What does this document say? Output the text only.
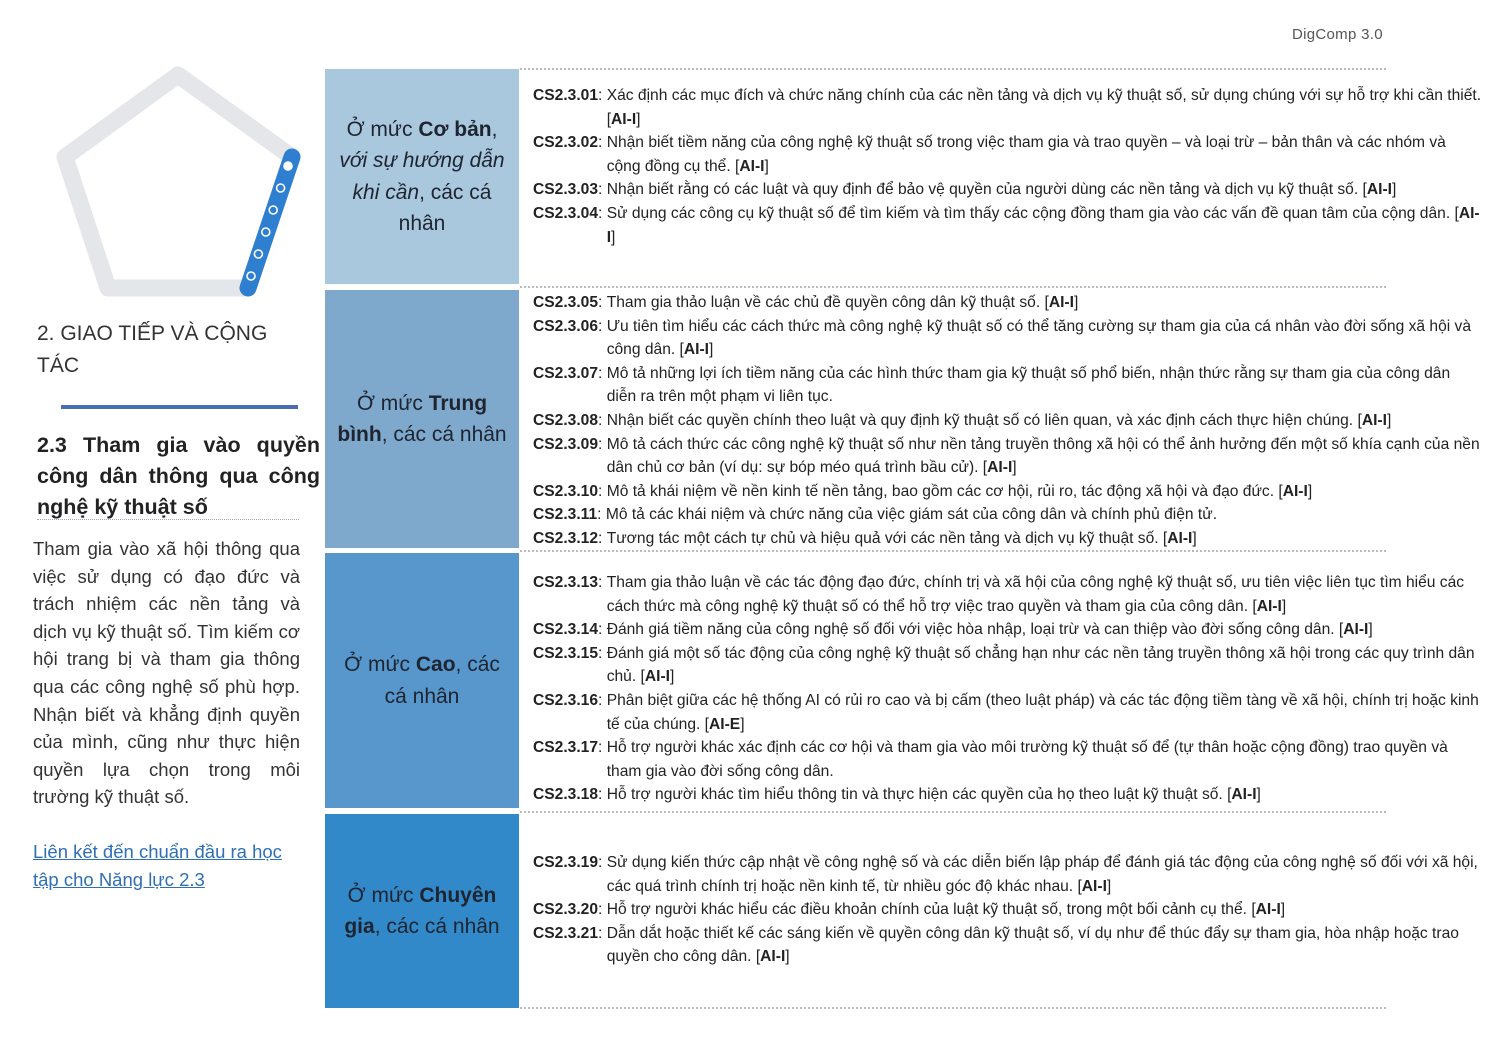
DigComp 3.0
2. GIAO TIẾP VÀ CỘNG TÁC
2.3 Tham gia vào quyền công dân thông qua công nghệ kỹ thuật số
Tham gia vào xã hội thông qua việc sử dụng có đạo đức và trách nhiệm các nền tảng và dịch vụ kỹ thuật số. Tìm kiếm cơ hội trang bị và tham gia thông qua các công nghệ số phù hợp. Nhận biết và khẳng định quyền của mình, cũng như thực hiện quyền lựa chọn trong môi trường kỹ thuật số.
Liên kết đến chuẩn đầu ra học tập cho Năng lực 2.3
Ở mức Cơ bản, với sự hướng dẫn khi cần, các cá nhân
Ở mức Trung bình, các cá nhân
Ở mức Cao, các cá nhân
Ở mức Chuyên gia, các cá nhân
CS2.3.01 : Xác định các mục đích và chức năng chính của các nền tảng và dịch vụ kỹ thuật số, sử dụng chúng với sự hỗ trợ khi cần thiết. [AI-I]
CS2.3.02 : Nhận biết tiềm năng của công nghệ kỹ thuật số trong việc tham gia và trao quyền – và loại trừ – bản thân và các nhóm và cộng đồng cụ thể. [AI-I]
CS2.3.03 : Nhận biết rằng có các luật và quy định để bảo vệ quyền của người dùng các nền tảng và dịch vụ kỹ thuật số. [AI-I]
CS2.3.04 : Sử dụng các công cụ kỹ thuật số để tìm kiếm và tìm thấy các cộng đồng tham gia vào các vấn đề quan tâm của cộng dân. [AI-I]
CS2.3.05 : Tham gia thảo luận về các chủ đề quyền công dân kỹ thuật số. [AI-I]
CS2.3.06 : Ưu tiên tìm hiểu các cách thức mà công nghệ kỹ thuật số có thể tăng cường sự tham gia của cá nhân vào đời sống xã hội và công dân. [AI-I]
CS2.3.07 : Mô tả những lợi ích tiềm năng của các hình thức tham gia kỹ thuật số phổ biến, nhận thức rằng sự tham gia của công dân diễn ra trên một phạm vi liên tục.
CS2.3.08 : Nhận biết các quyền chính theo luật và quy định kỹ thuật số có liên quan, và xác định cách thực hiện chúng. [AI-I]
CS2.3.09 : Mô tả cách thức các công nghệ kỹ thuật số như nền tảng truyền thông xã hội có thể ảnh hưởng đến một số khía cạnh của nền dân chủ cơ bản (ví dụ: sự bóp méo quá trình bầu cử). [AI-I]
CS2.3.10 : Mô tả khái niệm về nền kinh tế nền tảng, bao gồm các cơ hội, rủi ro, tác động xã hội và đạo đức. [AI-I]
CS2.3.11 : Mô tả các khái niệm và chức năng của việc giám sát của công dân và chính phủ điện tử.
CS2.3.12 : Tương tác một cách tự chủ và hiệu quả với các nền tảng và dịch vụ kỹ thuật số. [AI-I]
CS2.3.13 : Tham gia thảo luận về các tác động đạo đức, chính trị và xã hội của công nghệ kỹ thuật số, ưu tiên việc liên tục tìm hiểu các cách thức mà công nghệ kỹ thuật số có thể hỗ trợ việc trao quyền và tham gia của công dân. [AI-I]
CS2.3.14 : Đánh giá tiềm năng của công nghệ số đối với việc hòa nhập, loại trừ và can thiệp vào đời sống công dân. [AI-I]
CS2.3.15 : Đánh giá một số tác động của công nghệ kỹ thuật số chẳng hạn như các nền tảng truyền thông xã hội trong các quy trình dân chủ. [AI-I]
CS2.3.16 : Phân biệt giữa các hệ thống AI có rủi ro cao và bị cấm (theo luật pháp) và các tác động tiềm tàng về xã hội, chính trị hoặc kinh tế của chúng. [AI-E]
CS2.3.17 : Hỗ trợ người khác xác định các cơ hội và tham gia vào môi trường kỹ thuật số để (tự thân hoặc cộng đồng) trao quyền và tham gia vào đời sống công dân.
CS2.3.18 : Hỗ trợ người khác tìm hiểu thông tin và thực hiện các quyền của họ theo luật kỹ thuật số. [AI-I]
CS2.3.19 : Sử dụng kiến thức cập nhật về công nghệ số và các diễn biến lập pháp để đánh giá tác động của công nghệ số đối với xã hội, các quá trình chính trị hoặc nền kinh tế, từ nhiều góc độ khác nhau. [AI-I]
CS2.3.20 : Hỗ trợ người khác hiểu các điều khoản chính của luật kỹ thuật số, trong một bối cảnh cụ thể. [AI-I]
CS2.3.21 : Dẫn dắt hoặc thiết kế các sáng kiến về quyền công dân kỹ thuật số, ví dụ như để thúc đẩy sự tham gia, hòa nhập hoặc trao quyền cho công dân. [AI-I]
